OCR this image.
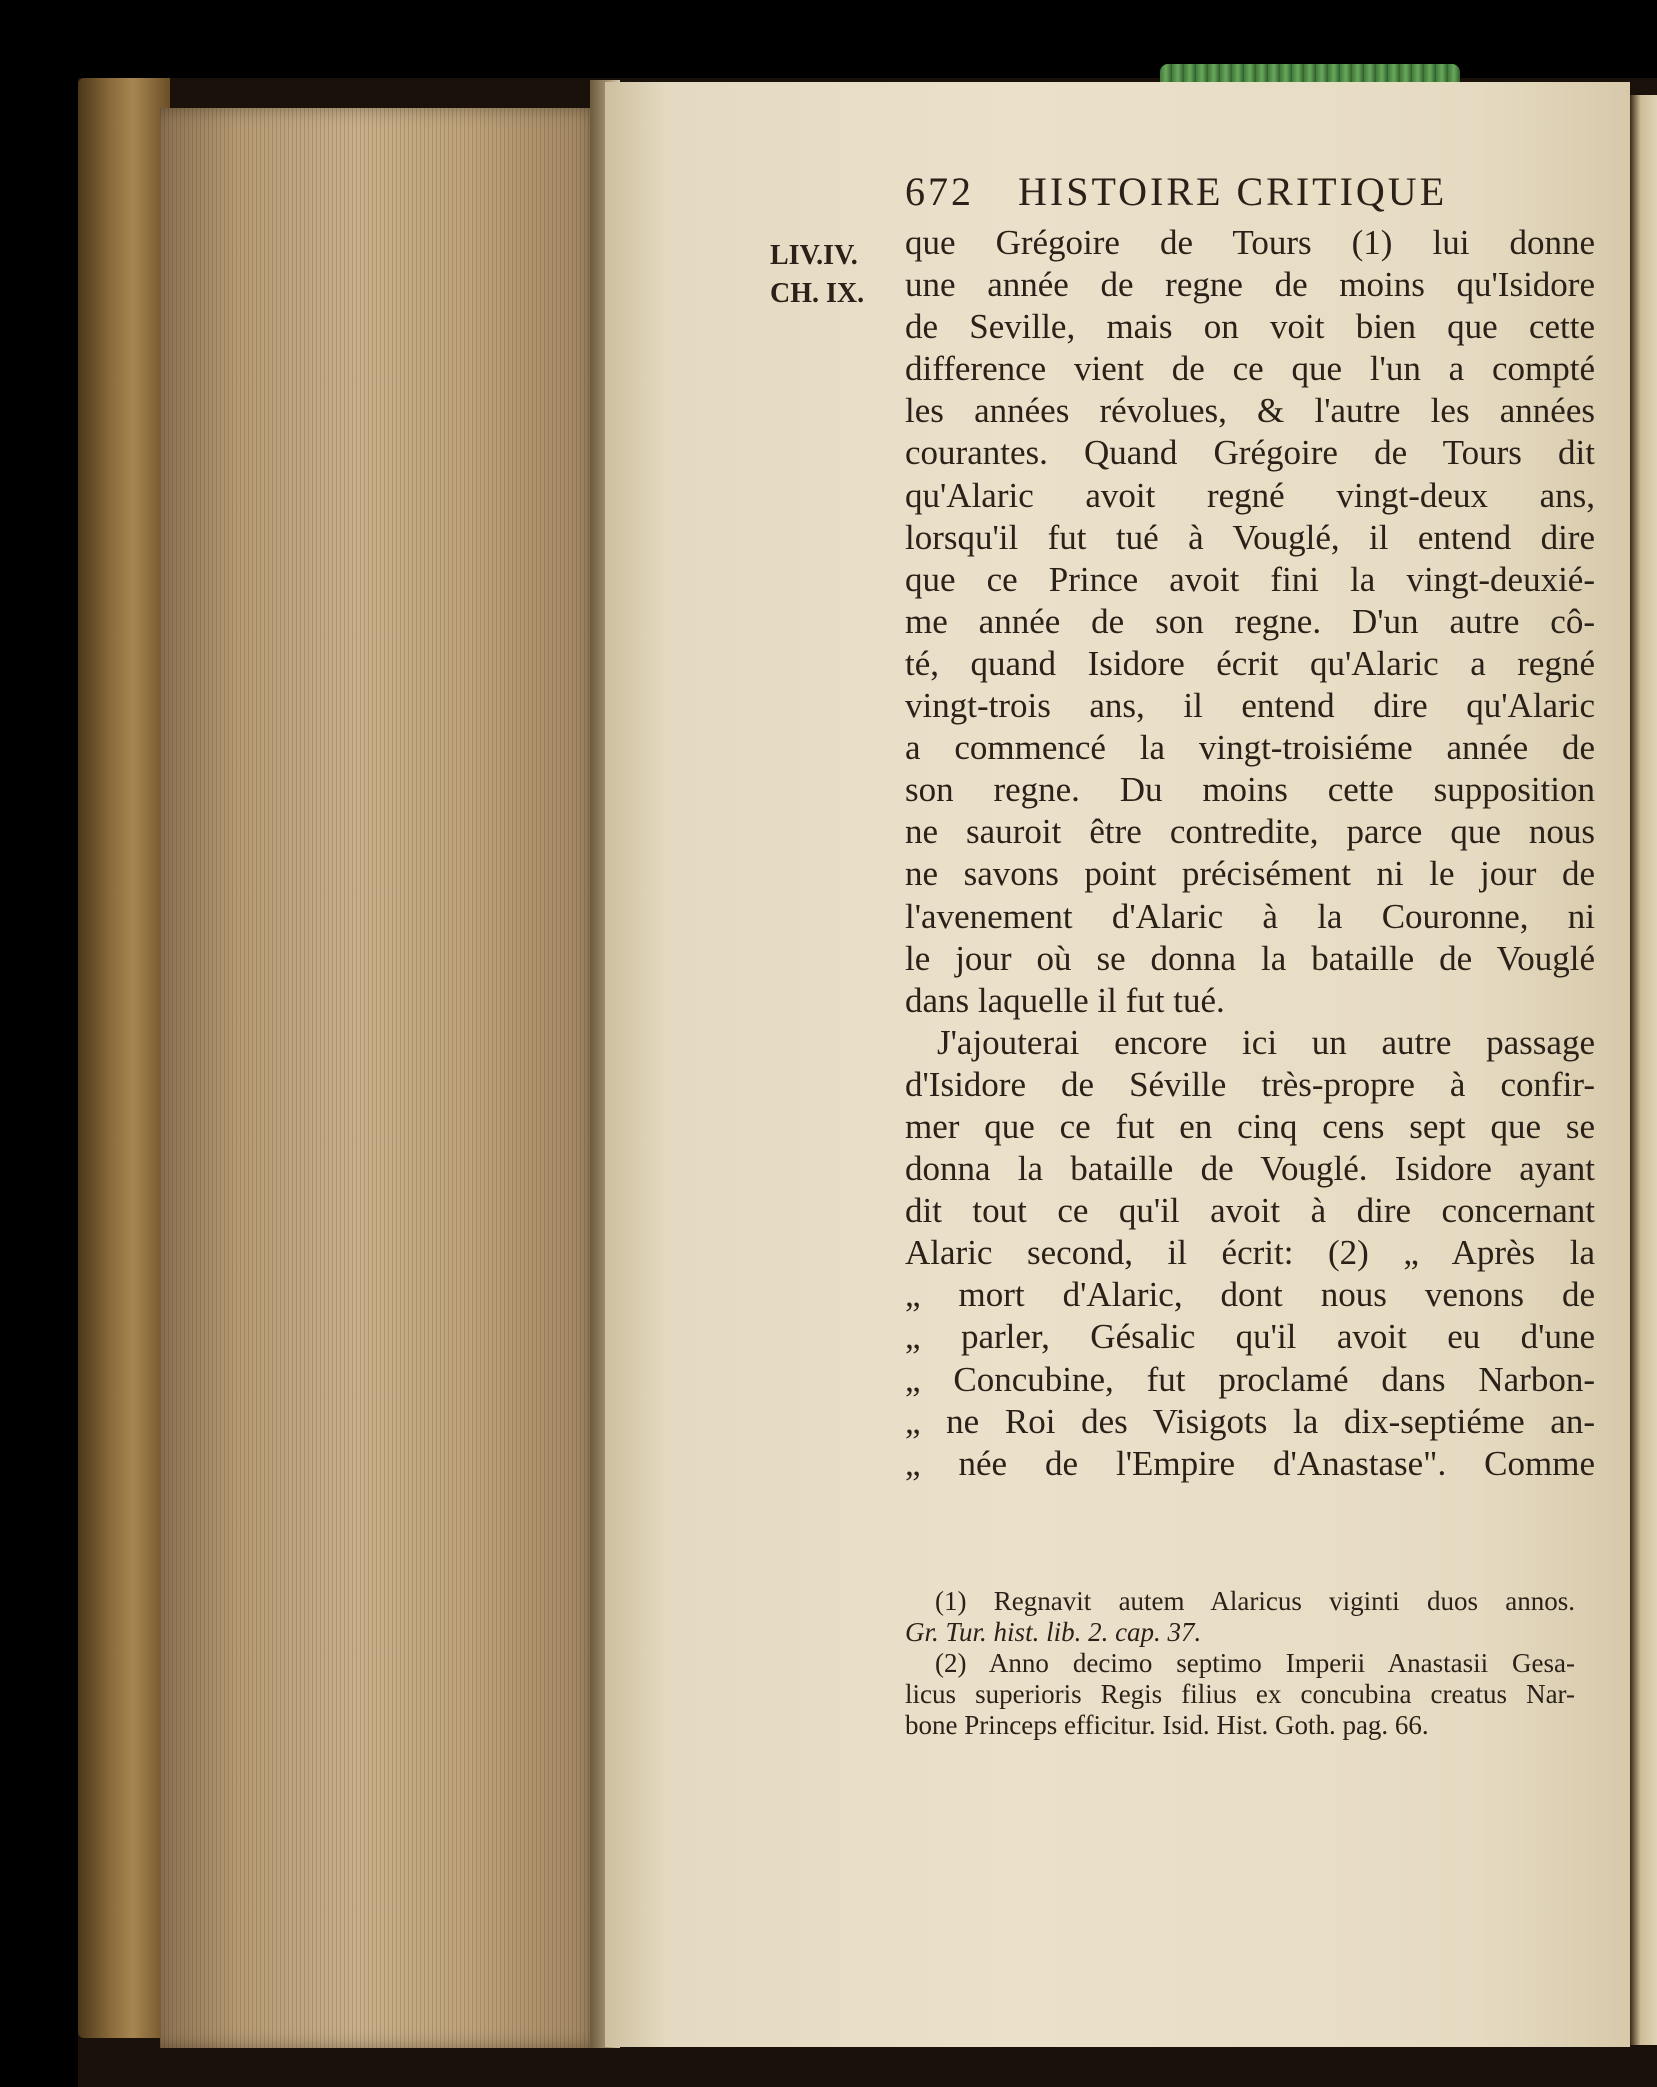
672 HISTOIRE CRITIQUE
LIV.IV.
CH. IX.
que Grégoire de Tours (1) lui donne
une année de regne de moins qu'Isidore
de Seville, mais on voit bien que cette
difference vient de ce que l'un a compté
les années révolues, & l'autre les années
courantes. Quand Grégoire de Tours dit
qu'Alaric avoit regné vingt-deux ans,
lorsqu'il fut tué à Vouglé, il entend dire
que ce Prince avoit fini la vingt-deuxié-
me année de son regne. D'un autre cô-
té, quand Isidore écrit qu'Alaric a regné
vingt-trois ans, il entend dire qu'Alaric
a commencé la vingt-troisiéme année de
son regne. Du moins cette supposition
ne sauroit être contredite, parce que nous
ne savons point précisément ni le jour de
l'avenement d'Alaric à la Couronne, ni
le jour où se donna la bataille de Vouglé
dans laquelle il fut tué.
J'ajouterai encore ici un autre passage
d'Isidore de Séville très-propre à confir-
mer que ce fut en cinq cens sept que se
donna la bataille de Vouglé. Isidore ayant
dit tout ce qu'il avoit à dire concernant
Alaric second, il écrit: (2) „ Après la
„ mort d'Alaric, dont nous venons de
„ parler, Gésalic qu'il avoit eu d'une
„ Concubine, fut proclamé dans Narbon-
„ ne Roi des Visigots la dix-septiéme an-
„ née de l'Empire d'Anastase". Comme
(1) Regnavit autem Alaricus viginti duos annos.
Gr. Tur. hist. lib. 2. cap. 37.
(2) Anno decimo septimo Imperii Anastasii Gesa-
licus superioris Regis filius ex concubina creatus Nar-
bone Princeps efficitur. Isid. Hist. Goth. pag. 66.
